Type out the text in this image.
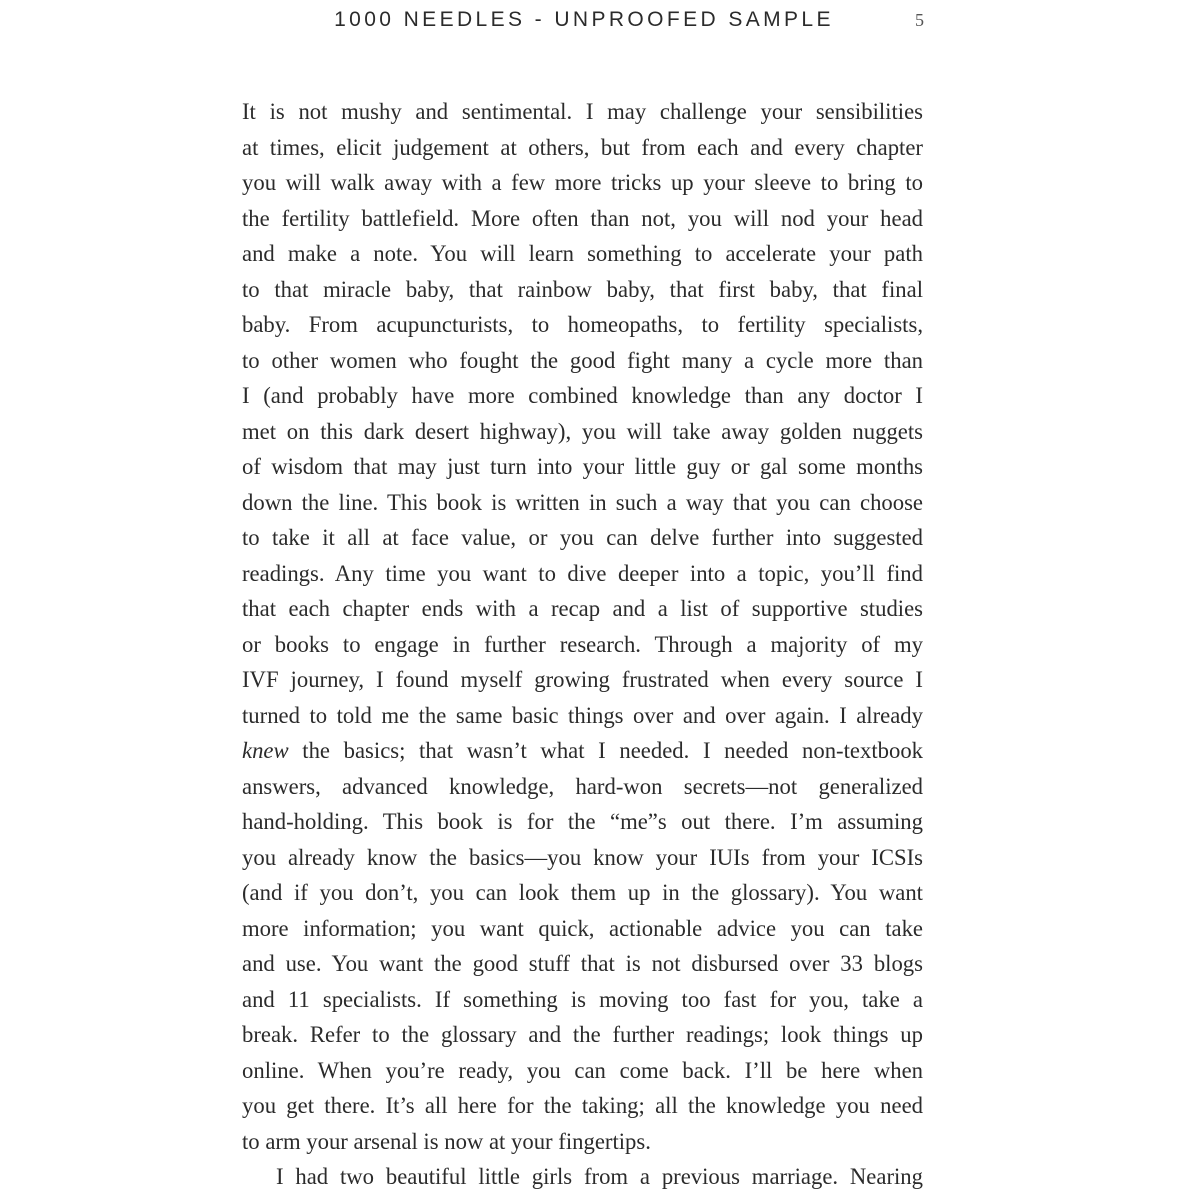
1000 NEEDLES - UNPROOFED SAMPLE	5
It is not mushy and sentimental. I may challenge your sensibilities
at times, elicit judgement at others, but from each and every chapter
you will walk away with a few more tricks up your sleeve to bring to
the fertility battlefield. More often than not, you will nod your head
and make a note. You will learn something to accelerate your path
to that miracle baby, that rainbow baby, that first baby, that final
baby. From acupuncturists, to homeopaths, to fertility specialists,
to other women who fought the good fight many a cycle more than
I (and probably have more combined knowledge than any doctor I
met on this dark desert highway), you will take away golden nuggets
of wisdom that may just turn into your little guy or gal some months
down the line. This book is written in such a way that you can choose
to take it all at face value, or you can delve further into suggested
readings. Any time you want to dive deeper into a topic, you’ll find
that each chapter ends with a recap and a list of supportive studies
or books to engage in further research. Through a majority of my
IVF journey, I found myself growing frustrated when every source I
turned to told me the same basic things over and over again. I already
knew the basics; that wasn’t what I needed. I needed non-textbook
answers, advanced knowledge, hard-won secrets—not generalized
hand-holding. This book is for the “me”s out there. I’m assuming
you already know the basics—you know your IUIs from your ICSIs
(and if you don’t, you can look them up in the glossary). You want
more information; you want quick, actionable advice you can take
and use. You want the good stuff that is not disbursed over 33 blogs
and 11 specialists. If something is moving too fast for you, take a
break. Refer to the glossary and the further readings; look things up
online. When you’re ready, you can come back. I’ll be here when
you get there. It’s all here for the taking; all the knowledge you need
to arm your arsenal is now at your fingertips.
I had two beautiful little girls from a previous marriage. Nearing
